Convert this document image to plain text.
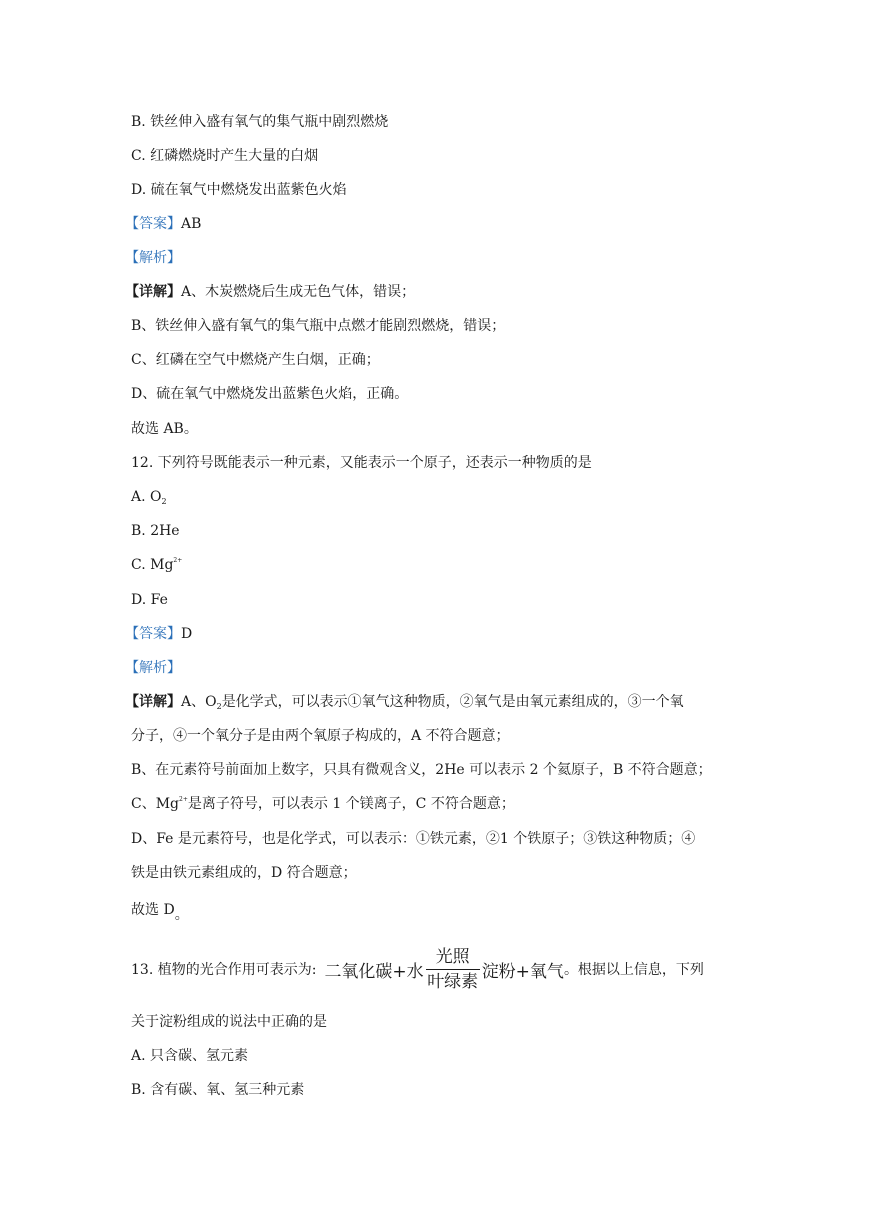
B. 铁丝伸入盛有氧气的集气瓶中剧烈燃烧
C. 红磷燃烧时产生大量的白烟
D. 硫在氧气中燃烧发出蓝紫色火焰
【答案】AB
【解析】
【详解】A、木炭燃烧后生成无色气体，错误；
B、铁丝伸入盛有氧气的集气瓶中点燃才能剧烈燃烧，错误；
C、红磷在空气中燃烧产生白烟，正确；
D、硫在氧气中燃烧发出蓝紫色火焰，正确。
故选 AB。
12. 下列符号既能表示一种元素，又能表示一个原子，还表示一种物质的是
A. $O_2$
B. 2He
C. $Mg^{2+}$
D. Fe
【答案】D
【解析】
【详解】A、$O_2$是化学式，可以表示①氧气这种物质，②氧气是由氧元素组成的，③一个氧
分子，④一个氧分子是由两个氧原子构成的，A 不符合题意；
B、在元素符号前面加上数字，只具有微观含义，2He 可以表示 2 个氦原子，B 不符合题意；
C、$Mg^{2+}$是离子符号，可以表示 1 个镁离子，C 不符合题意；
D、Fe 是元素符号，也是化学式，可以表示：①铁元素，②1 个铁原子；③铁这种物质；④
铁是由铁元素组成的，D 符合题意；
故选 D。
13. 植物的光合作用可表示为: 二氧化碳+水 $\frac{\text{光照}}{\text{叶绿素}}$ 淀粉+氧气 。根据以上信息，下列
关于淀粉组成的说法中正确的是
A. 只含碳、氢元素
B. 含有碳、氧、氢三种元素
